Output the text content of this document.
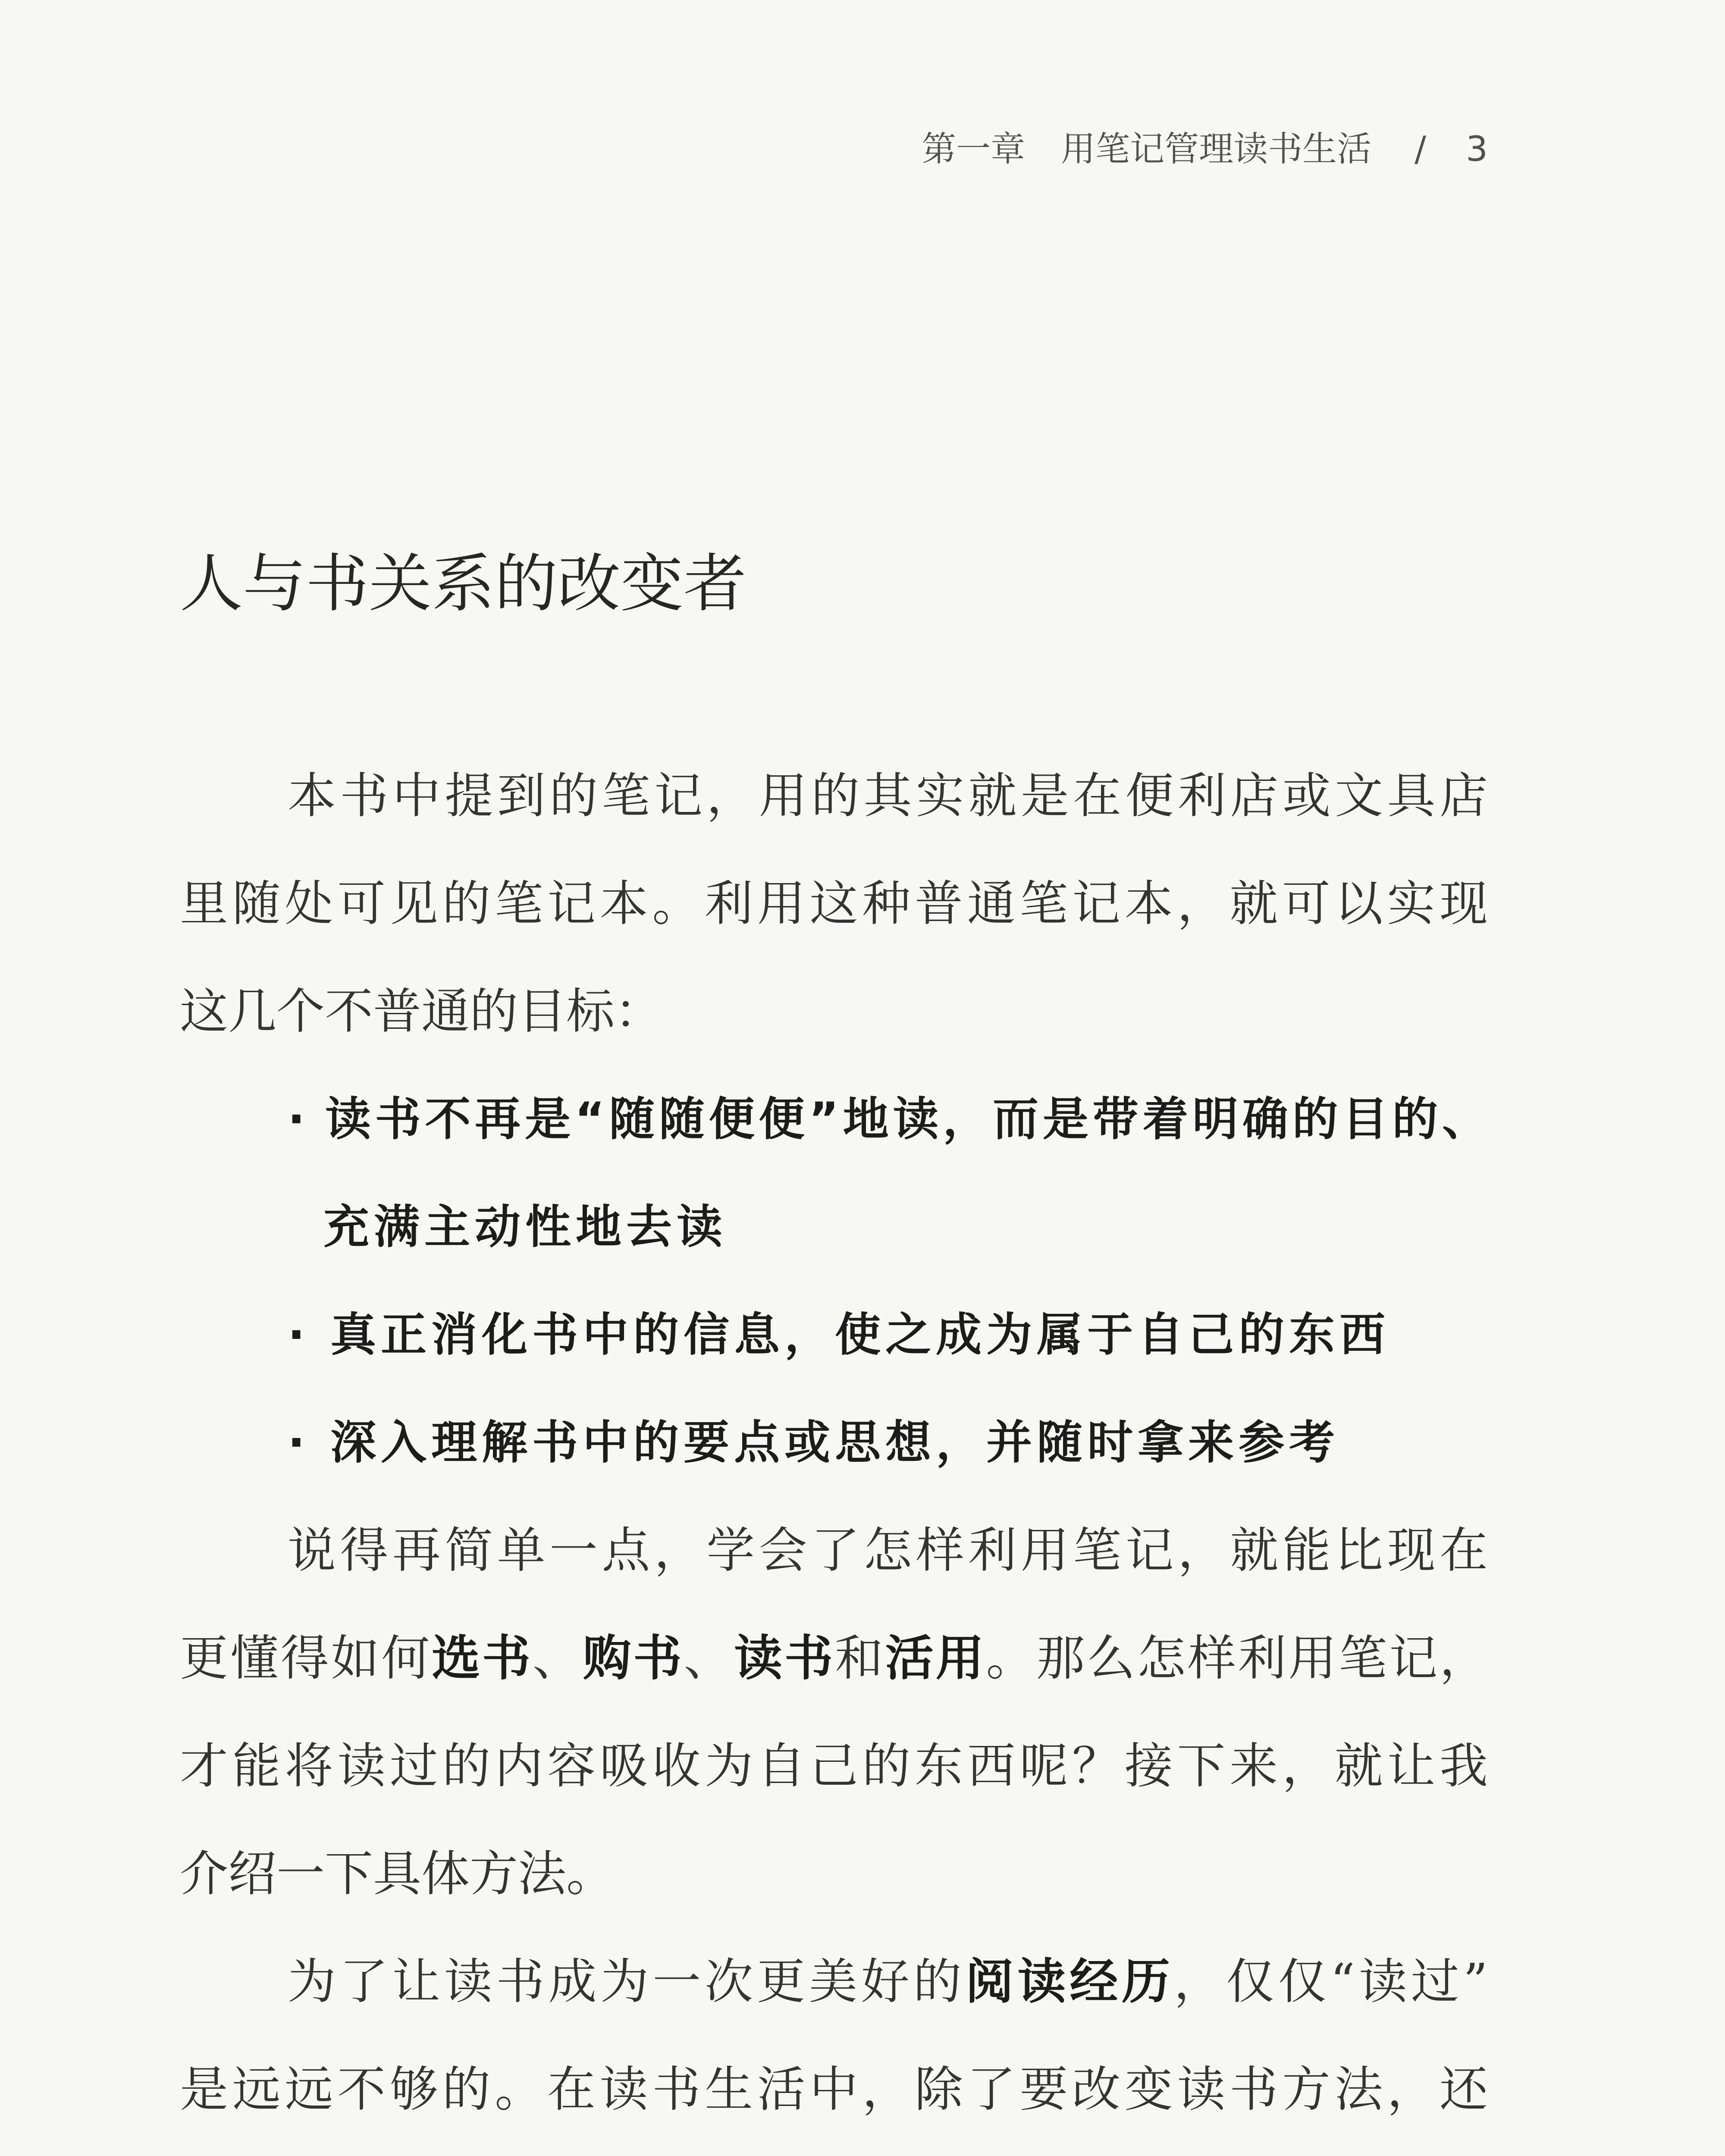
第一章 用笔记管理读书生活 / 3
人与书关系的改变者
本书中提到的笔记，用的其实就是在便利店或文具店
里随处可见的笔记本。利用这种普通笔记本，就可以实现
这几个不普通的目标：
· 读书不再是“随随便便”地读，而是带着明确的目的、
充满主动性地去读
· 真正消化书中的信息，使之成为属于自己的东西
· 深入理解书中的要点或思想，并随时拿来参考
说得再简单一点，学会了怎样利用笔记，就能比现在
更懂得如何选书、购书、读书和活用。那么怎样利用笔记，
才能将读过的内容吸收为自己的东西呢？接下来，就让我
介绍一下具体方法。
为了让读书成为一次更美好的阅读经历，仅仅“读过”
是远远不够的。在读书生活中，除了要改变读书方法，还
